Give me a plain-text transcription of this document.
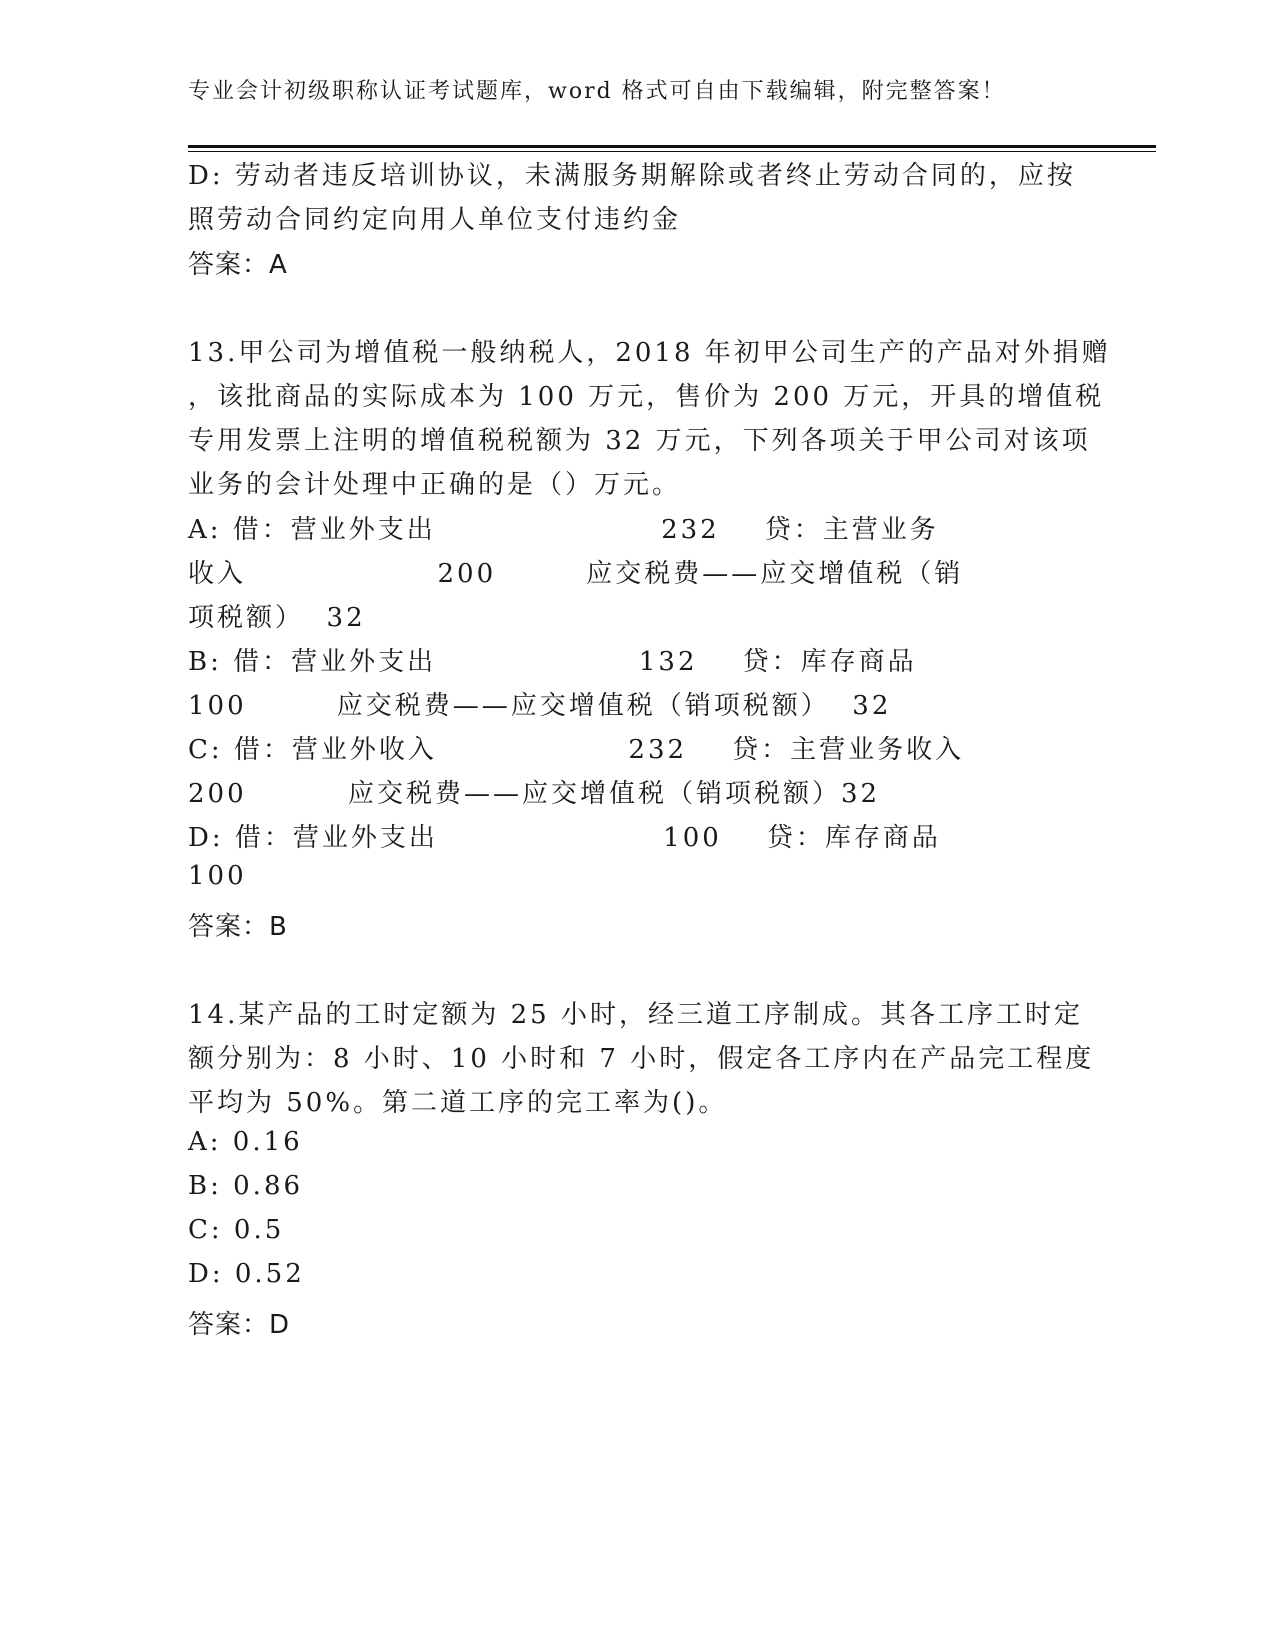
专业会计初级职称认证考试题库，word 格式可自由下载编辑，附完整答案！
D: 劳动者违反培训协议，未满服务期解除或者终止劳动合同的，应按
照劳动合同约定向用人单位支付违约金
答案：A
13.甲公司为增值税一般纳税人，2018 年初甲公司生产的产品对外捐赠
，该批商品的实际成本为 100 万元，售价为 200 万元，开具的增值税
专用发票上注明的增值税税额为 32 万元，下列各项关于甲公司对该项
业务的会计处理中正确的是（）万元。
A: 借：营业外支出                    232    贷：主营业务
收入                 200        应交税费——应交增值税（销
项税额）  32
B: 借：营业外支出                  132    贷：库存商品
100        应交税费——应交增值税（销项税额）  32
C: 借：营业外收入                 232    贷：主营业务收入
200         应交税费——应交增值税（销项税额）32
D: 借：营业外支出                    100    贷：库存商品
100
答案：B
14.某产品的工时定额为 25 小时，经三道工序制成。其各工序工时定
额分别为：8 小时、10 小时和 7 小时，假定各工序内在产品完工程度
平均为 50%。第二道工序的完工率为()。
A: 0.16
B: 0.86
C: 0.5
D: 0.52
答案：D
